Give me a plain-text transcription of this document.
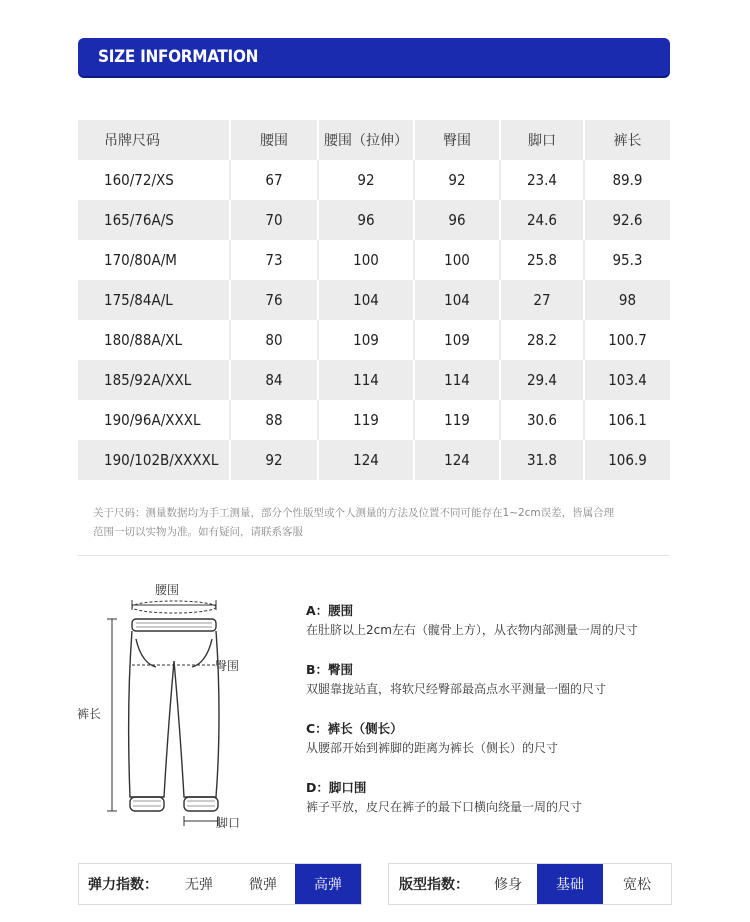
SIZE INFORMATION
吊牌尺码	腰围	腰围（拉伸）	臀围	脚口	裤长
160/72/XS	67	92	92	23.4	89.9
165/76A/S	70	96	96	24.6	92.6
170/80A/M	73	100	100	25.8	95.3
175/84A/L	76	104	104	27	98
180/88A/XL	80	109	109	28.2	100.7
185/92A/XXL	84	114	114	29.4	103.4
190/96A/XXXL	88	119	119	30.6	106.1
190/102B/XXXXL	92	124	124	31.8	106.9
关于尺码：测量数据均为手工测量，部分个性版型或个人测量的方法及位置不同可能存在1~2cm误差，皆属合理
范围一切以实物为准。如有疑问，请联系客服
腰围
臀围
裤长
脚口
A：腰围
在肚脐以上2cm左右（髋骨上方），从衣物内部测量一周的尺寸
B：臀围
双腿靠拢站直，将软尺经臀部最高点水平测量一圈的尺寸
C：裤长（侧长）
从腰部开始到裤脚的距离为裤长（侧长）的尺寸
D：脚口围
裤子平放，皮尺在裤子的最下口横向绕量一周的尺寸
弹力指数：	无弹	微弹	高弹	版型指数：	修身	基础	宽松
